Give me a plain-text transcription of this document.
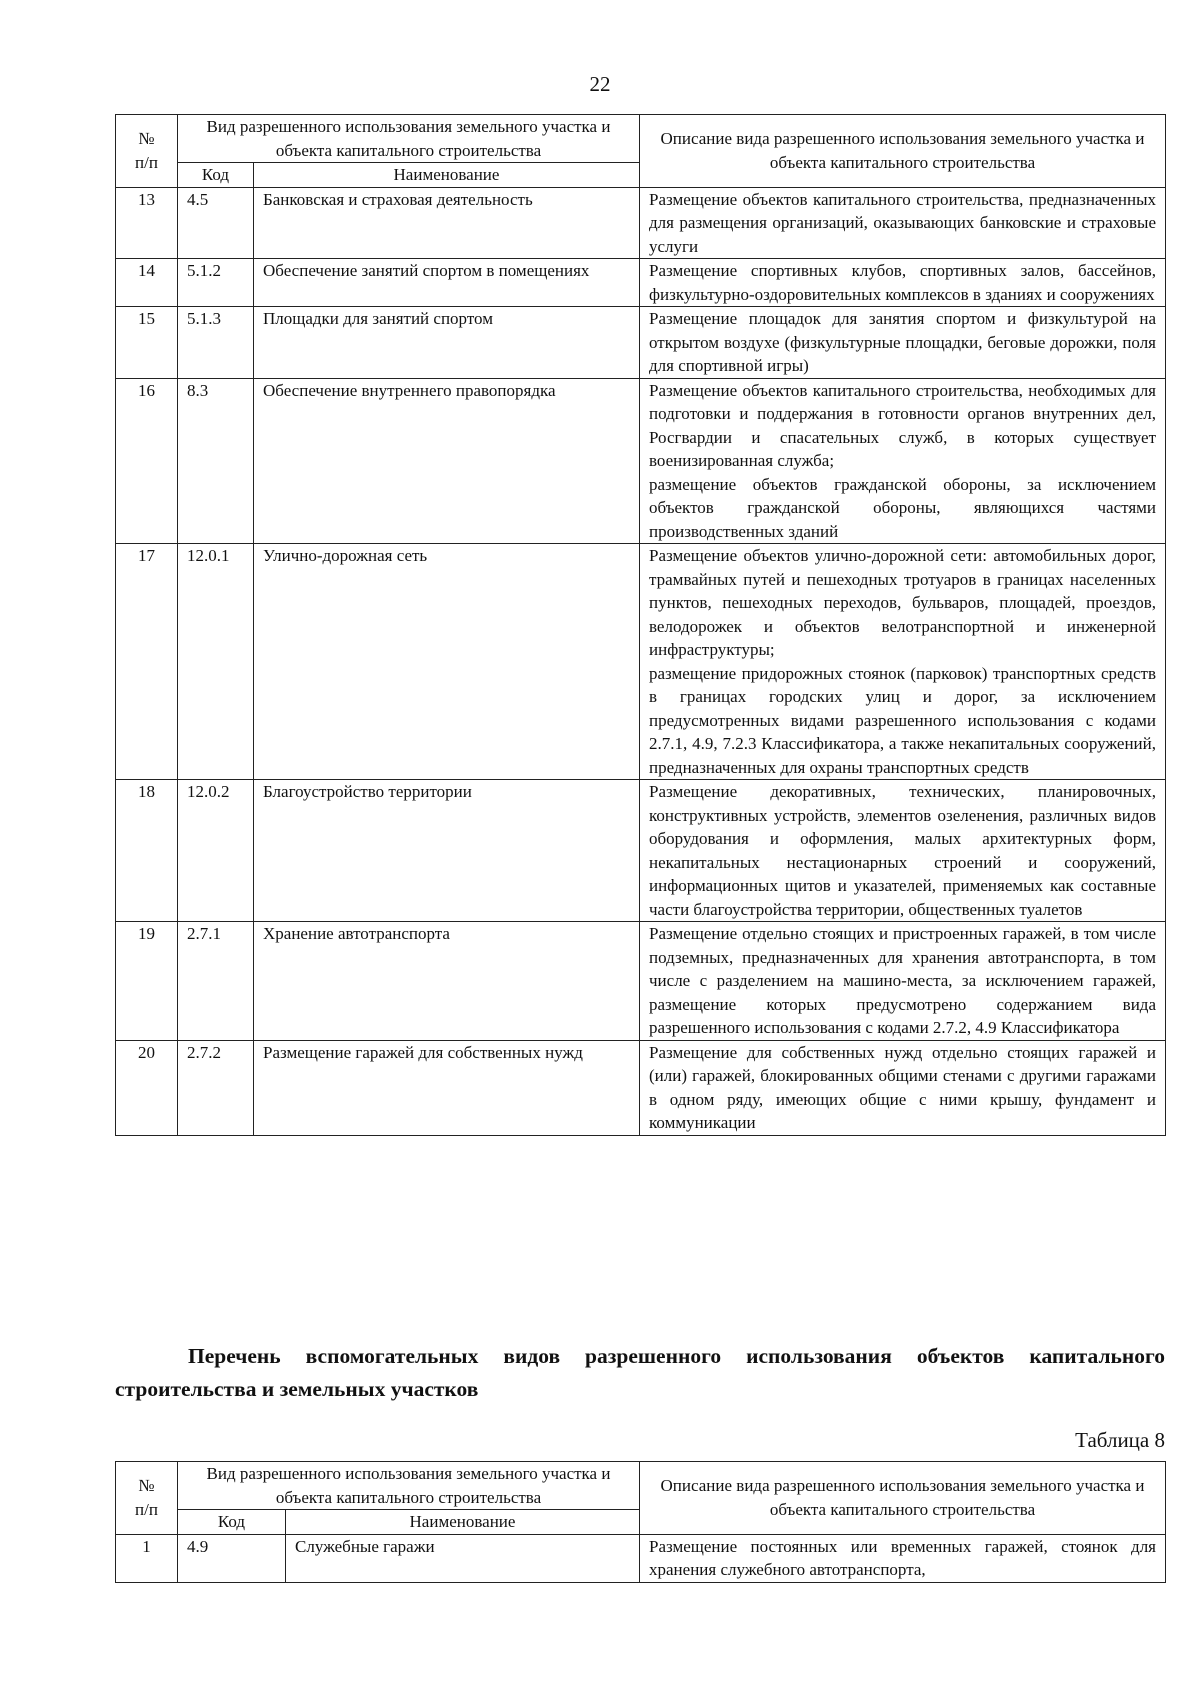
22
№
п/п	Вид разрешенного использования земельного участка и объекта капитального строительства		Описание вида разрешенного использования земельного участка и объекта капитального строительства
	Код	Наименование	
13	4.5	Банковская и страховая деятельность	Размещение объектов капитального строительства, предназначенных для размещения организаций, оказывающих банковские и страховые услуги

14	5.1.2	Обеспечение занятий спортом в помещениях	Размещение спортивных клубов, спортивных залов, бассейнов, физкультурно-оздоровительных комплексов в зданиях и сооружениях

15	5.1.3	Площадки для занятий спортом	Размещение площадок для занятия спортом и физкультурой на открытом воздухе (физкультурные площадки, беговые дорожки, поля для спортивной игры)

16	8.3	Обеспечение внутреннего правопорядка	Размещение объектов капитального строительства, необходимых для подготовки и поддержания в готовности органов внутренних дел, Росгвардии и спасательных служб, в которых существует военизированная служба;

размещение объектов гражданской обороны, за исключением объектов гражданской обороны, являющихся частями производственных зданий

17	12.0.1	Улично-дорожная сеть	Размещение объектов улично-дорожной сети: автомобильных дорог, трамвайных путей и пешеходных тротуаров в границах населенных пунктов, пешеходных переходов, бульваров, площадей, проездов, велодорожек и объектов велотранспортной и инженерной инфраструктуры;

размещение придорожных стоянок (парковок) транспортных средств в границах городских улиц и дорог, за исключением предусмотренных видами разрешенного использования с кодами 2.7.1, 4.9, 7.2.3 Классификатора, а также некапитальных сооружений, предназначенных для охраны транспортных средств

18	12.0.2	Благоустройство территории	Размещение декоративных, технических, планировочных, конструктивных устройств, элементов озеленения, различных видов оборудования и оформления, малых архитектурных форм, некапитальных нестационарных строений и сооружений, информационных щитов и указателей, применяемых как составные части благоустройства территории, общественных туалетов

19	2.7.1	Хранение автотранспорта	Размещение отдельно стоящих и пристроенных гаражей, в том числе подземных, предназначенных для хранения автотранспорта, в том числе с разделением на машино-места, за исключением гаражей, размещение которых предусмотрено содержанием вида разрешенного использования с кодами 2.7.2, 4.9 Классификатора

20	2.7.2	Размещение гаражей для собственных нужд	Размещение для собственных нужд отдельно стоящих гаражей и (или) гаражей, блокированных общими стенами с другими гаражами в одном ряду, имеющих общие с ними крышу, фундамент и коммуникации

Перечень вспомогательных видов разрешенного использования объектов капитального строительства и земельных участков
Таблица 8
№
п/п	Вид разрешенного использования земельного участка и объекта капитального строительства		Описание вида разрешенного использования земельного участка и объекта капитального строительства
	Код	Наименование	
1	4.9	Служебные гаражи	Размещение постоянных или временных гаражей, стоянок для хранения служебного автотранспорта,
